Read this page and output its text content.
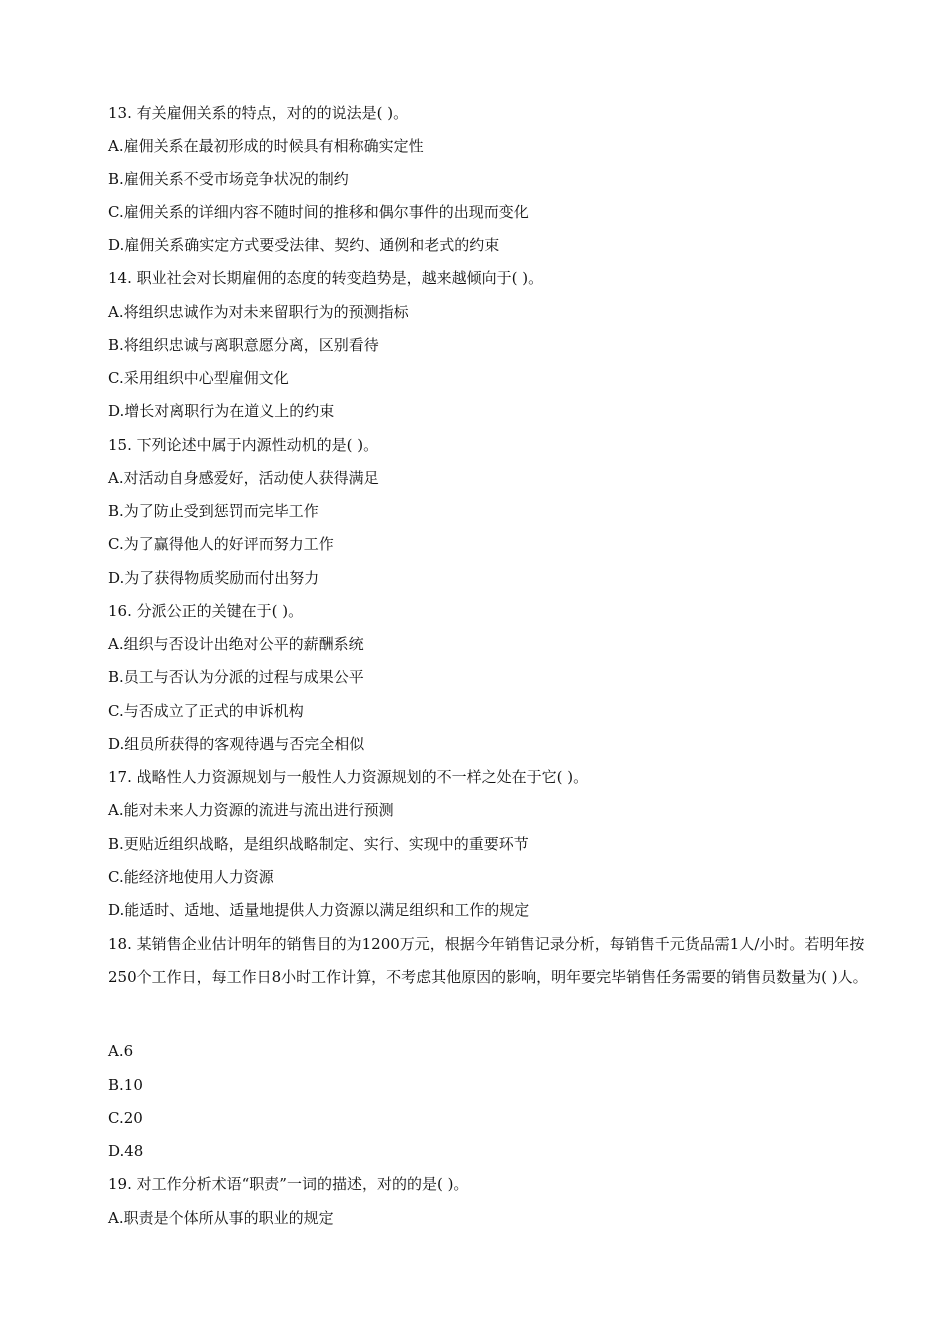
13. 有关雇佣关系的特点，对的的说法是( )。
A.雇佣关系在最初形成的时候具有相称确实定性
B.雇佣关系不受市场竞争状况的制约
C.雇佣关系的详细内容不随时间的推移和偶尔事件的出现而变化
D.雇佣关系确实定方式要受法律、契约、通例和老式的约束
14. 职业社会对长期雇佣的态度的转变趋势是，越来越倾向于( )。
A.将组织忠诚作为对未来留职行为的预测指标
B.将组织忠诚与离职意愿分离，区别看待
C.采用组织中心型雇佣文化
D.增长对离职行为在道义上的约束
15. 下列论述中属于内源性动机的是( )。
A.对活动自身感爱好，活动使人获得满足
B.为了防止受到惩罚而完毕工作
C.为了赢得他人的好评而努力工作
D.为了获得物质奖励而付出努力
16. 分派公正的关键在于( )。
A.组织与否设计出绝对公平的薪酬系统
B.员工与否认为分派的过程与成果公平
C.与否成立了正式的申诉机构
D.组员所获得的客观待遇与否完全相似
17. 战略性人力资源规划与一般性人力资源规划的不一样之处在于它( )。
A.能对未来人力资源的流进与流出进行预测
B.更贴近组织战略，是组织战略制定、实行、实现中的重要环节
C.能经济地使用人力资源
D.能适时、适地、适量地提供人力资源以满足组织和工作的规定
18. 某销售企业估计明年的销售目的为1200万元，根据今年销售记录分析，每销售千元货品需1人/小时。若明年按250个工作日，每工作日8小时工作计算，不考虑其他原因的影响，明年要完毕销售任务需要的销售员数量为( )人。
A.6
B.10
C.20
D.48
19. 对工作分析术语“职责”一词的描述，对的的是( )。
A.职责是个体所从事的职业的规定
